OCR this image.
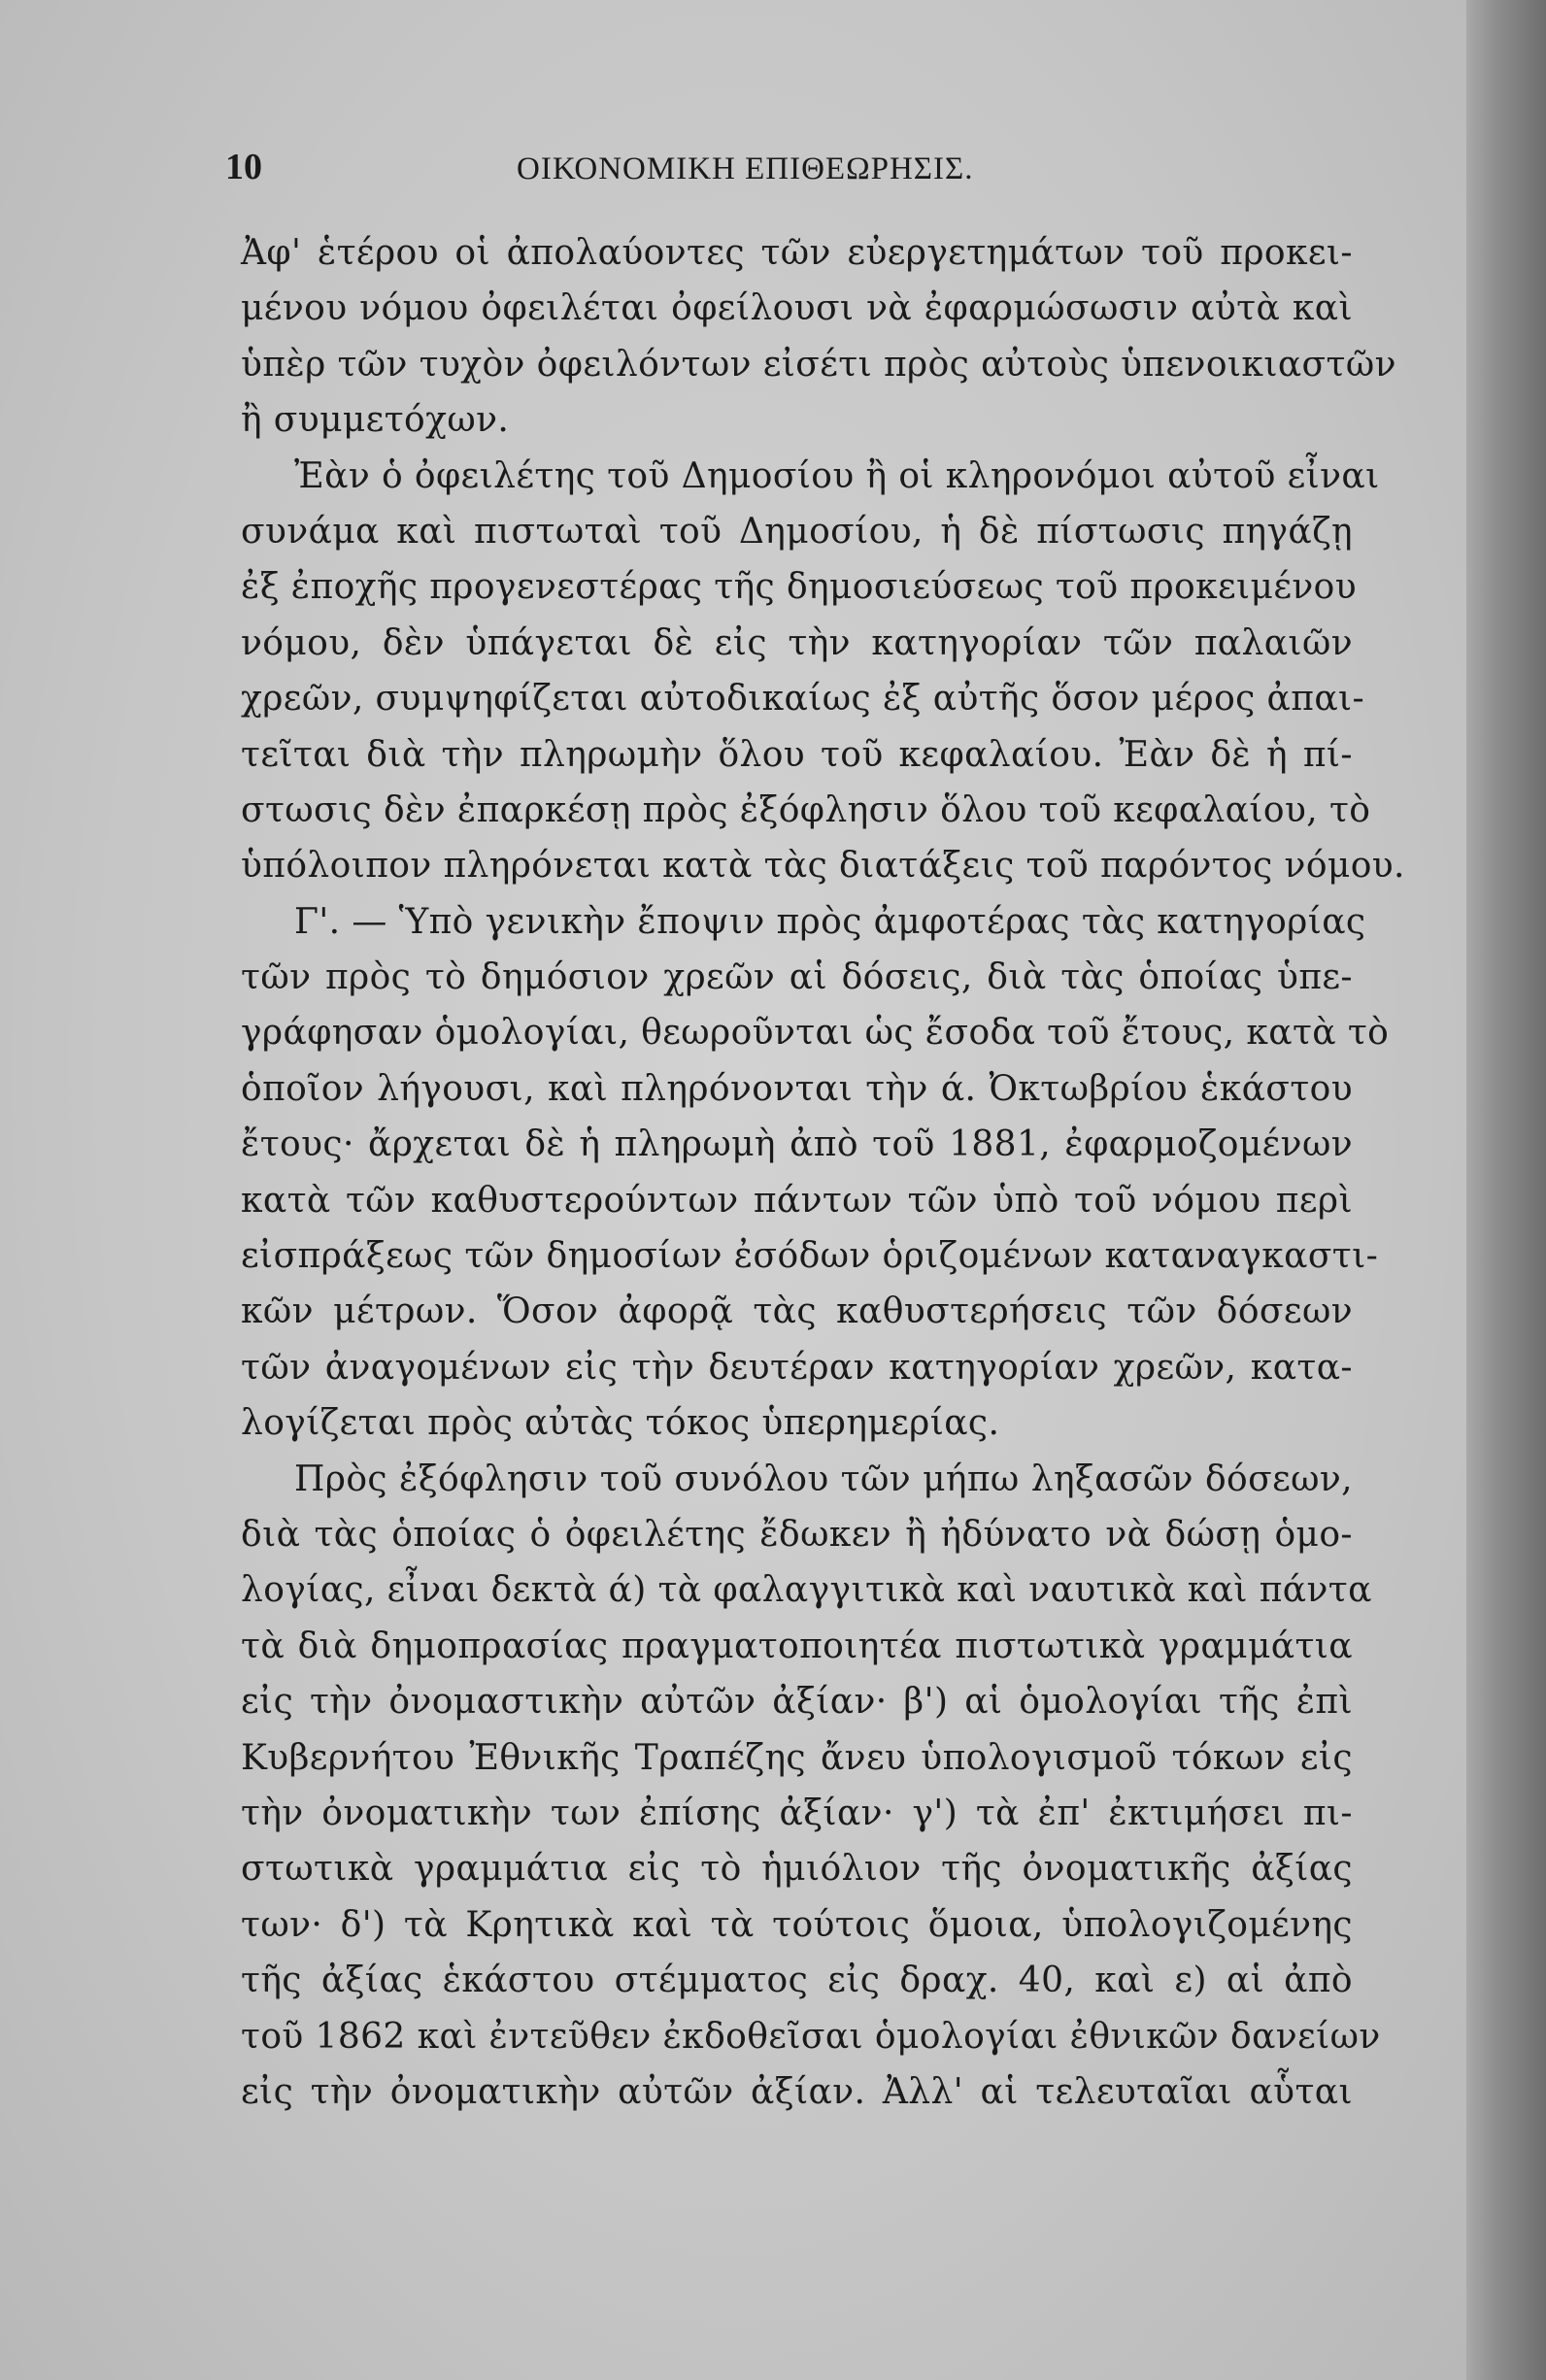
10	ΟΙΚΟΝΟΜΙΚΗ ΕΠΙΘΕΩΡΗΣΙΣ.
Ἀφ' ἑτέρου οἱ ἀπολαύοντες τῶν εὐεργετημάτων τοῦ προκει-
μένου νόμου ὀφειλέται ὀφείλουσι νὰ ἐφαρμώσωσιν αὐτὰ καὶ
ὑπὲρ τῶν τυχὸν ὀφειλόντων εἰσέτι πρὸς αὐτοὺς ὑπενοικιαστῶν
ἢ συμμετόχων.
Ἐὰν ὁ ὀφειλέτης τοῦ Δημοσίου ἢ οἱ κληρονόμοι αὐτοῦ εἶναι
συνάμα καὶ πιστωταὶ τοῦ Δημοσίου, ἡ δὲ πίστωσις πηγάζῃ
ἐξ ἐποχῆς προγενεστέρας τῆς δημοσιεύσεως τοῦ προκειμένου
νόμου, δὲν ὑπάγεται δὲ εἰς τὴν κατηγορίαν τῶν παλαιῶν
χρεῶν, συμψηφίζεται αὐτοδικαίως ἐξ αὐτῆς ὅσον μέρος ἀπαι-
τεῖται διὰ τὴν πληρωμὴν ὅλου τοῦ κεφαλαίου. Ἐὰν δὲ ἡ πί-
στωσις δὲν ἐπαρκέσῃ πρὸς ἐξόφλησιν ὅλου τοῦ κεφαλαίου, τὸ
ὑπόλοιπον πληρόνεται κατὰ τὰς διατάξεις τοῦ παρόντος νόμου.
Γ'. — Ὑπὸ γενικὴν ἔποψιν πρὸς ἀμφοτέρας τὰς κατηγορίας
τῶν πρὸς τὸ δημόσιον χρεῶν αἱ δόσεις, διὰ τὰς ὁποίας ὑπε-
γράφησαν ὁμολογίαι, θεωροῦνται ὡς ἔσοδα τοῦ ἔτους, κατὰ τὸ
ὁποῖον λήγουσι, καὶ πληρόνονται τὴν ά. Ὀκτωβρίου ἑκάστου
ἔτους· ἄρχεται δὲ ἡ πληρωμὴ ἀπὸ τοῦ 1881, ἐφαρμοζομένων
κατὰ τῶν καθυστερούντων πάντων τῶν ὑπὸ τοῦ νόμου περὶ
εἰσπράξεως τῶν δημοσίων ἐσόδων ὁριζομένων καταναγκαστι-
κῶν μέτρων. Ὅσον ἀφορᾷ τὰς καθυστερήσεις τῶν δόσεων
τῶν ἀναγομένων εἰς τὴν δευτέραν κατηγορίαν χρεῶν, κατα-
λογίζεται πρὸς αὐτὰς τόκος ὑπερημερίας.
Πρὸς ἐξόφλησιν τοῦ συνόλου τῶν μήπω ληξασῶν δόσεων,
διὰ τὰς ὁποίας ὁ ὀφειλέτης ἔδωκεν ἢ ἠδύνατο νὰ δώσῃ ὁμο-
λογίας, εἶναι δεκτὰ ά) τὰ φαλαγγιτικὰ καὶ ναυτικὰ καὶ πάντα
τὰ διὰ δημοπρασίας πραγματοποιητέα πιστωτικὰ γραμμάτια
εἰς τὴν ὀνομαστικὴν αὐτῶν ἀξίαν· β') αἱ ὁμολογίαι τῆς ἐπὶ
Κυβερνήτου Ἐθνικῆς Τραπέζης ἄνευ ὑπολογισμοῦ τόκων εἰς
τὴν ὀνοματικὴν των ἐπίσης ἀξίαν· γ') τὰ ἐπ' ἐκτιμήσει πι-
στωτικὰ γραμμάτια εἰς τὸ ἡμιόλιον τῆς ὀνοματικῆς ἀξίας
των· δ') τὰ Κρητικὰ καὶ τὰ τούτοις ὅμοια, ὑπολογιζομένης
τῆς ἀξίας ἑκάστου στέμματος εἰς δραχ. 40, καὶ ε) αἱ ἀπὸ
τοῦ 1862 καὶ ἐντεῦθεν ἐκδοθεῖσαι ὁμολογίαι ἐθνικῶν δανείων
εἰς τὴν ὀνοματικὴν αὐτῶν ἀξίαν. Ἀλλ' αἱ τελευταῖαι αὗται
